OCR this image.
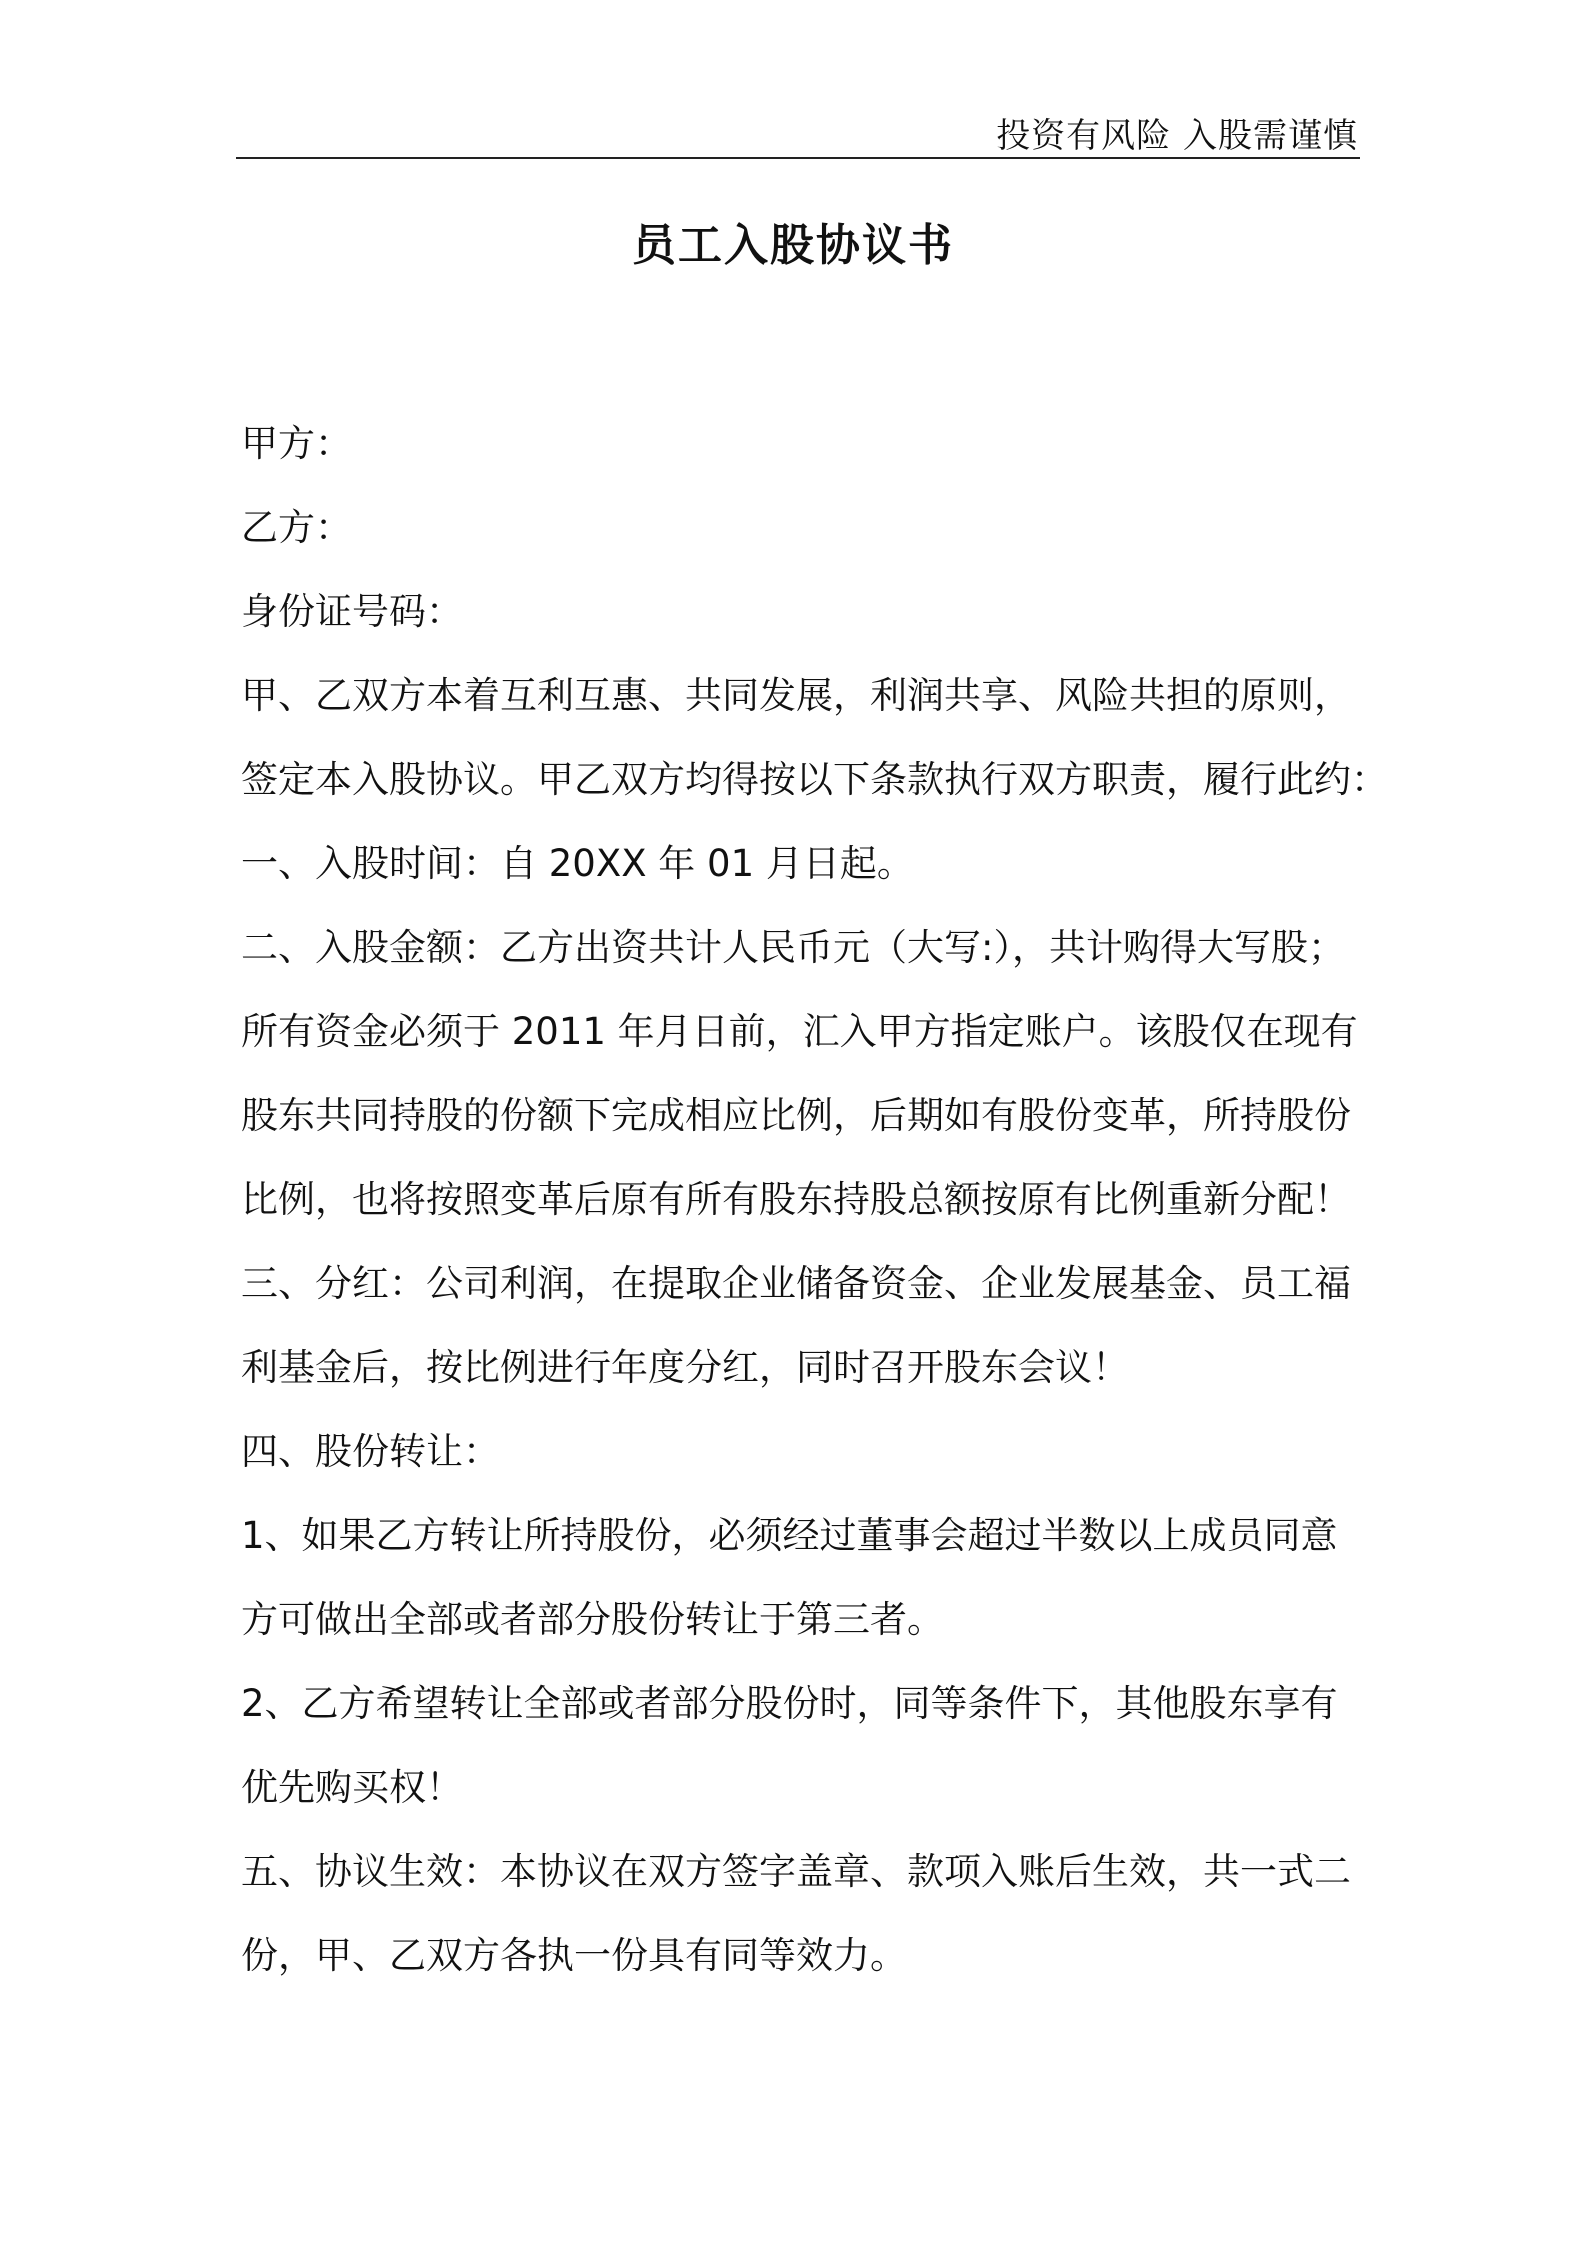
投资有风险 入股需谨慎
员工入股协议书

甲方：

乙方：

身份证号码：

甲、乙双方本着互利互惠、共同发展，利润共享、风险共担的原则，

签定本入股协议。甲乙双方均得按以下条款执行双方职责，履行此约：

一、入股时间：自 20XX 年 01 月日起。

二、入股金额：乙方出资共计人民币元（大写:），共计购得大写股；

所有资金必须于 2011 年月日前，汇入甲方指定账户。该股仅在现有

股东共同持股的份额下完成相应比例，后期如有股份变革，所持股份

比例，也将按照变革后原有所有股东持股总额按原有比例重新分配！

三、分红：公司利润，在提取企业储备资金、企业发展基金、员工福

利基金后，按比例进行年度分红，同时召开股东会议！

四、股份转让：

1、如果乙方转让所持股份，必须经过董事会超过半数以上成员同意

方可做出全部或者部分股份转让于第三者。

2、乙方希望转让全部或者部分股份时，同等条件下，其他股东享有

优先购买权！

五、协议生效：本协议在双方签字盖章、款项入账后生效，共一式二

份，甲、乙双方各执一份具有同等效力。
